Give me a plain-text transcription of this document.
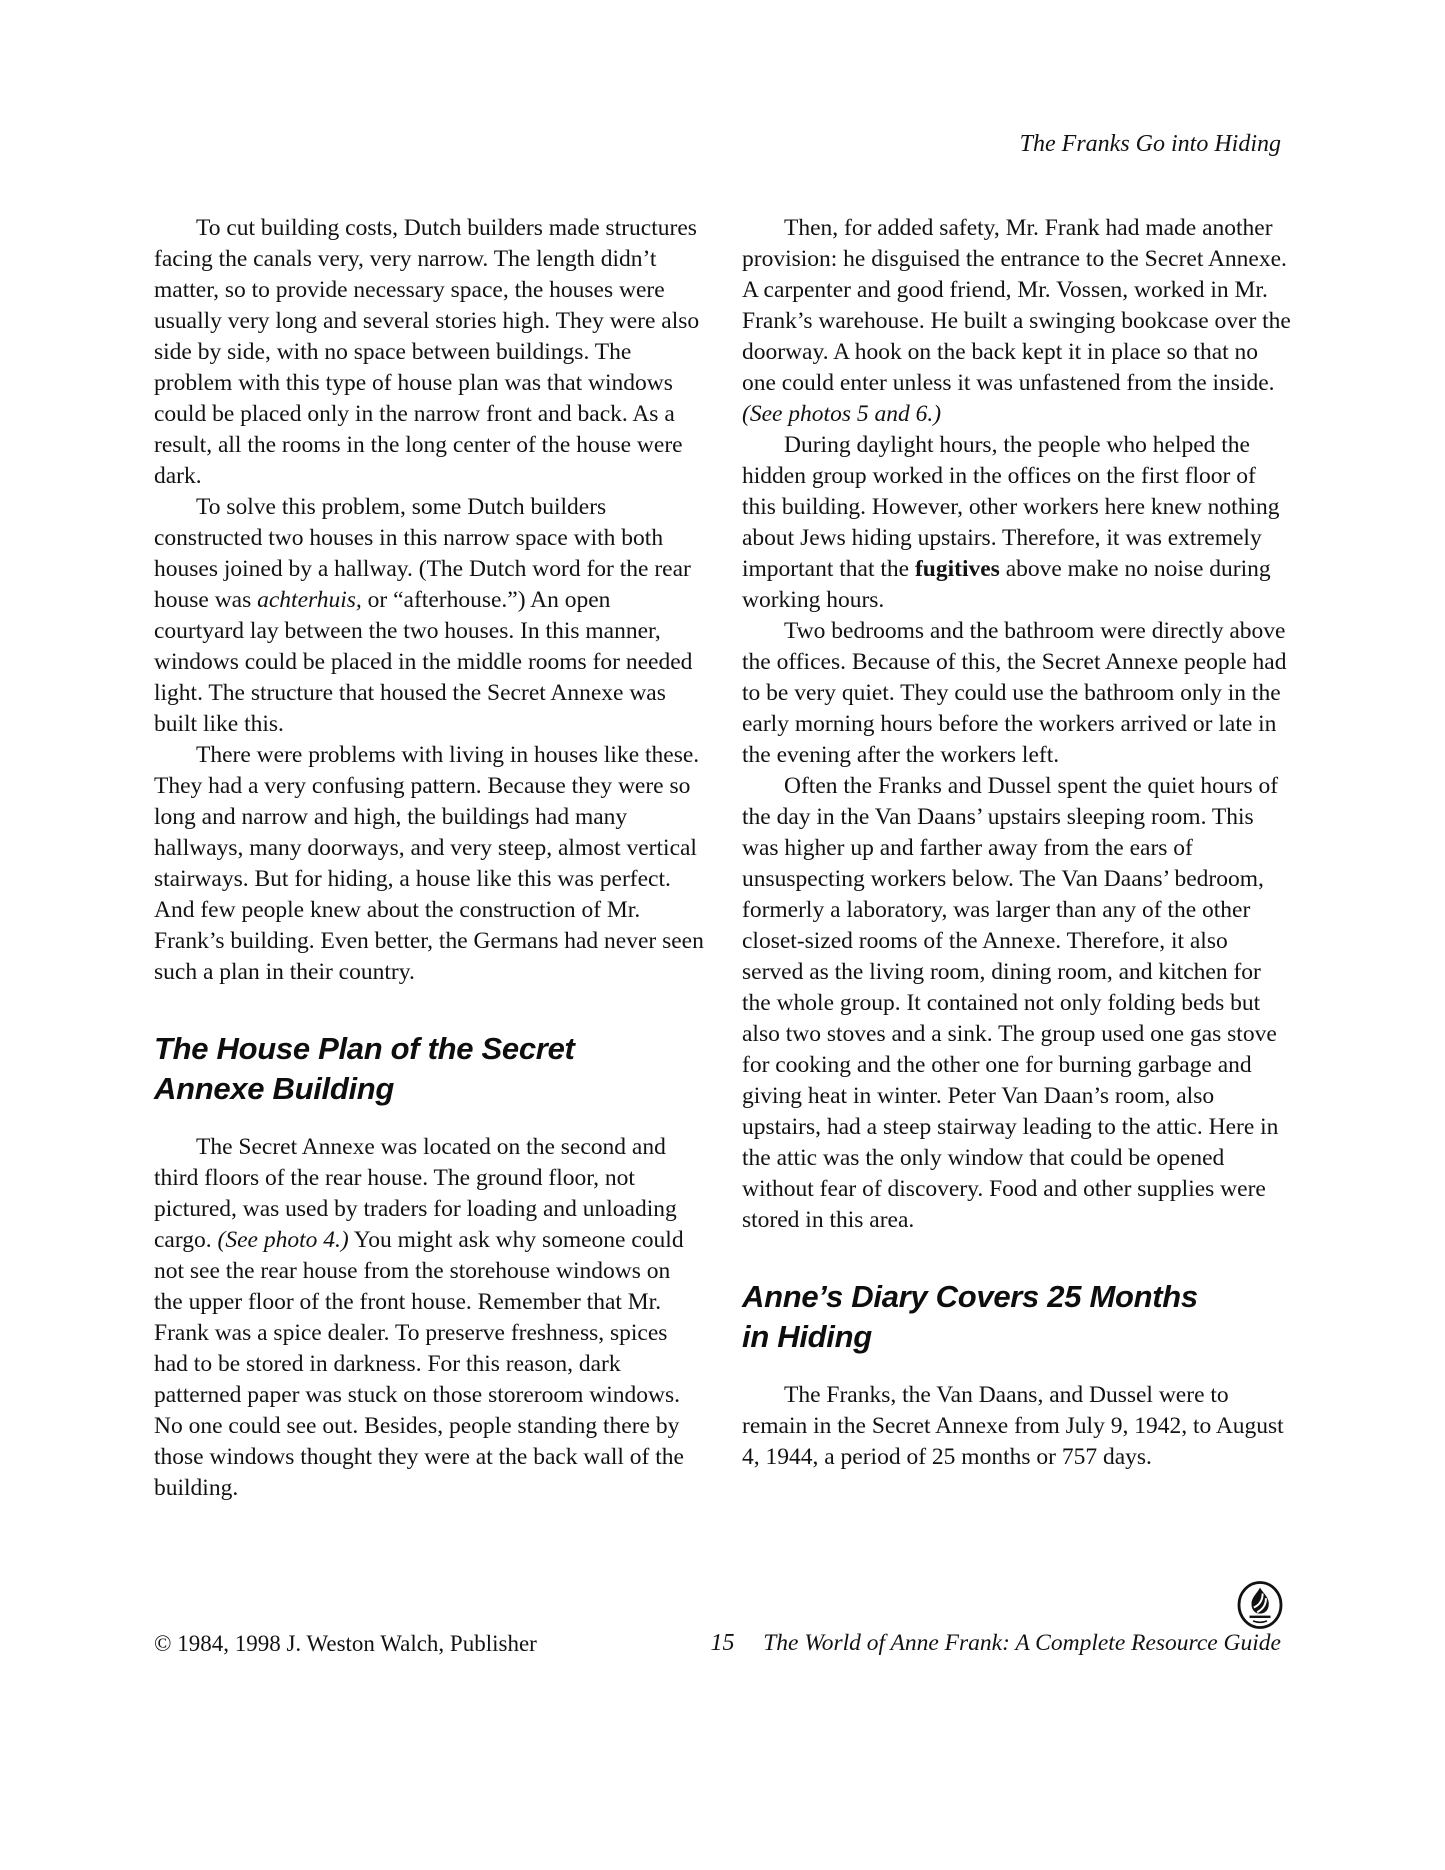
The Franks Go into Hiding

To cut building costs, Dutch builders made structures facing the canals very, very narrow. The length didn’t matter, so to provide necessary space, the houses were usually very long and several stories high. They were also side by side, with no space between buildings. The problem with this type of house plan was that windows could be placed only in the narrow front and back. As a result, all the rooms in the long center of the house were dark.

To solve this problem, some Dutch builders constructed two houses in this narrow space with both houses joined by a hallway. (The Dutch word for the rear house was achterhuis, or “afterhouse.”) An open courtyard lay between the two houses. In this manner, windows could be placed in the middle rooms for needed light. The structure that housed the Secret Annexe was built like this.

There were problems with living in houses like these. They had a very confusing pattern. Because they were so long and narrow and high, the buildings had many hallways, many doorways, and very steep, almost vertical stairways. But for hiding, a house like this was perfect. And few people knew about the construction of Mr. Frank’s building. Even better, the Germans had never seen such a plan in their country.

The House Plan of the Secret
Annexe Building

The Secret Annexe was located on the second and third floors of the rear house. The ground floor, not pictured, was used by traders for loading and unloading cargo. (See photo 4.) You might ask why someone could not see the rear house from the storehouse windows on the upper floor of the front house. Remember that Mr. Frank was a spice dealer. To preserve freshness, spices had to be stored in darkness. For this reason, dark patterned paper was stuck on those storeroom windows. No one could see out. Besides, people standing there by those windows thought they were at the back wall of the building.

Then, for added safety, Mr. Frank had made another provision: he disguised the entrance to the Secret Annexe. A carpenter and good friend, Mr. Vossen, worked in Mr. Frank’s warehouse. He built a swinging bookcase over the doorway. A hook on the back kept it in place so that no one could enter unless it was unfastened from the inside. (See photos 5 and 6.)

During daylight hours, the people who helped the hidden group worked in the offices on the first floor of this building. However, other workers here knew nothing about Jews hiding upstairs. Therefore, it was extremely important that the fugitives above make no noise during working hours.

Two bedrooms and the bathroom were directly above the offices. Because of this, the Secret Annexe people had to be very quiet. They could use the bathroom only in the early morning hours before the workers arrived or late in the evening after the workers left.

Often the Franks and Dussel spent the quiet hours of the day in the Van Daans’ upstairs sleeping room. This was higher up and farther away from the ears of unsuspecting workers below. The Van Daans’ bedroom, formerly a laboratory, was larger than any of the other closet-sized rooms of the Annexe. Therefore, it also served as the living room, dining room, and kitchen for the whole group. It contained not only folding beds but also two stoves and a sink. The group used one gas stove for cooking and the other one for burning garbage and giving heat in winter. Peter Van Daan’s room, also upstairs, had a steep stairway leading to the attic. Here in the attic was the only window that could be opened without fear of discovery. Food and other supplies were stored in this area.

Anne’s Diary Covers 25 Months
in Hiding

The Franks, the Van Daans, and Dussel were to remain in the Secret Annexe from July 9, 1942, to August 4, 1944, a period of 25 months or 757 days.

© 1984, 1998 J. Weston Walch, Publisher	15 The World of Anne Frank: A Complete Resource Guide
